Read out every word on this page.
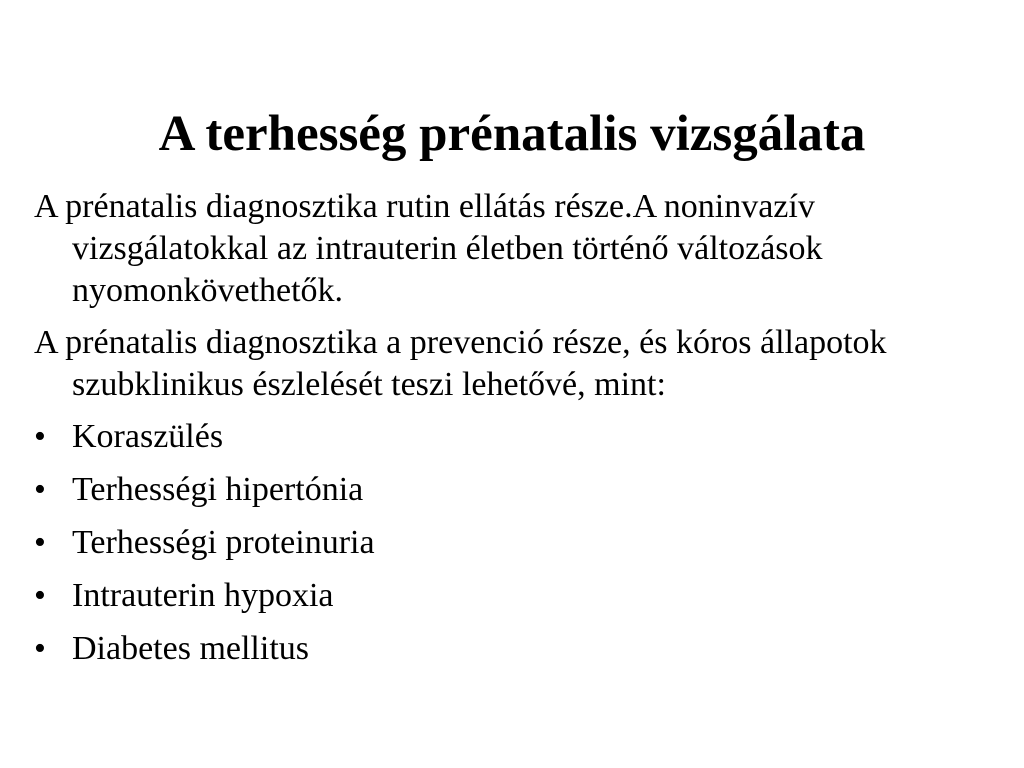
A terhesség prénatalis vizsgálata

A prénatalis diagnosztika rutin ellátás része.A noninvazív vizsgálatokkal az intrauterin életben történő változások nyomonkövethetők.

A prénatalis diagnosztika a prevenció része, és kóros állapotok szubklinikus észlelését teszi lehetővé, mint:

• Koraszülés
• Terhességi hipertónia
• Terhességi proteinuria
• Intrauterin hypoxia
• Diabetes mellitus
